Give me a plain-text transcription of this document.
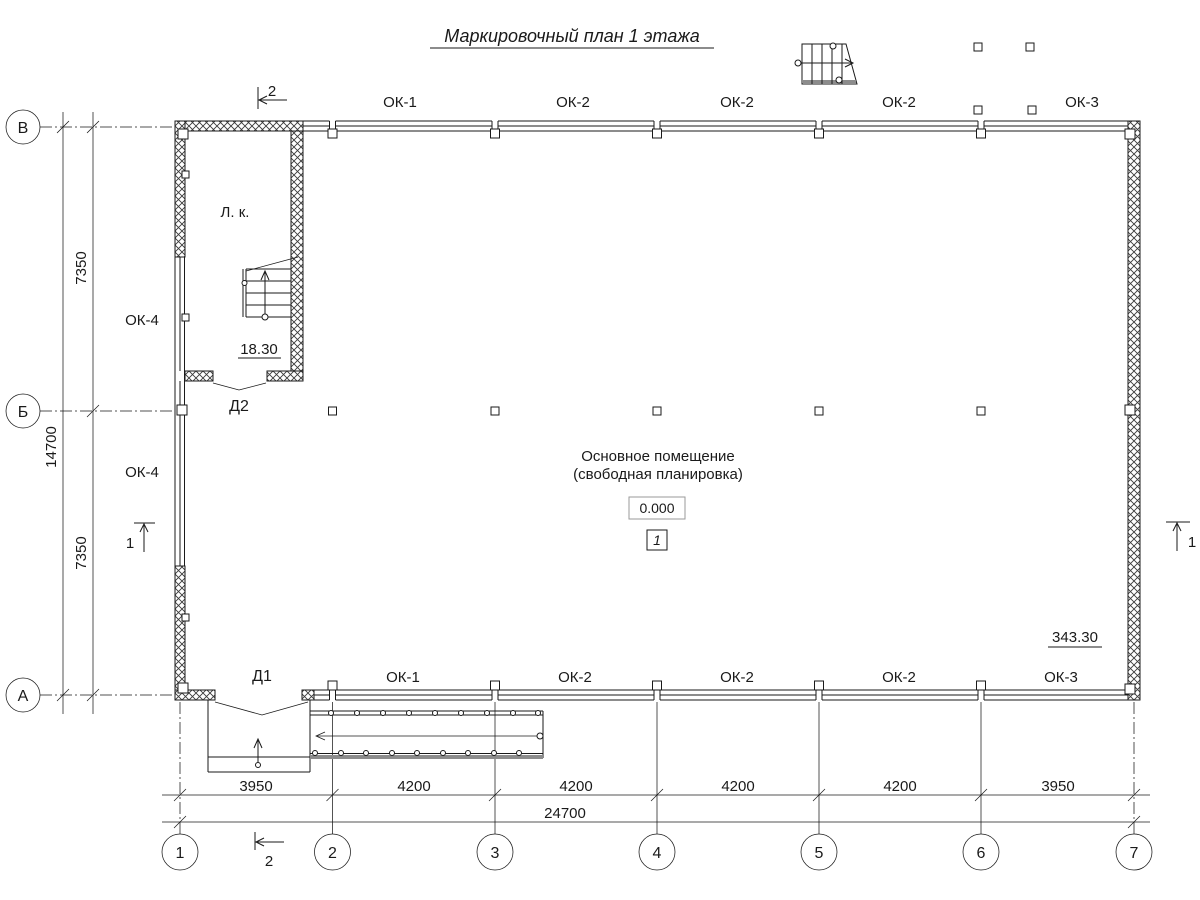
Маркировочный план 1 этажа
В
Б
А
14700
7350
7350
3950	4200	4200	4200	4200	3950
24700
1	2	3	4	5	6	7
2
2
1	1
ОК-1	ОК-2	ОК-2	ОК-2	ОК-3
ОК-1	ОК-2	ОК-2	ОК-2	ОК-3
ОК-4
ОК-4
Д2
Д1
Л. к.
18.30
Основное помещение
(свободная планировка)
0.000
1
343.30
